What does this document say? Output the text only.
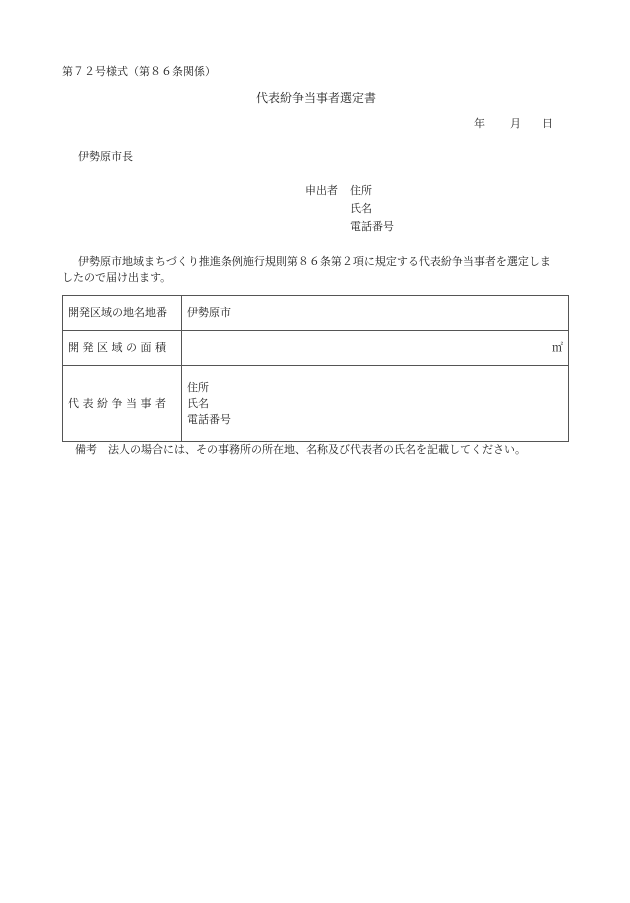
第７２号様式（第８６条関係）
代表紛争当事者選定書
年 月 日
伊勢原市長
申出者 住所
氏名
電話番号
伊勢原市地域まちづくり推進条例施行規則第８６条第２項に規定する代表紛争当事者を選定しま
したので届け出ます。
開発区域の地名地番	伊勢原市
開 発 区 域 の 面 積	㎡
代 表 紛 争 当 事 者	住所
氏名
電話番号
備考　法人の場合には、その事務所の所在地、名称及び代表者の氏名を記載してください。
